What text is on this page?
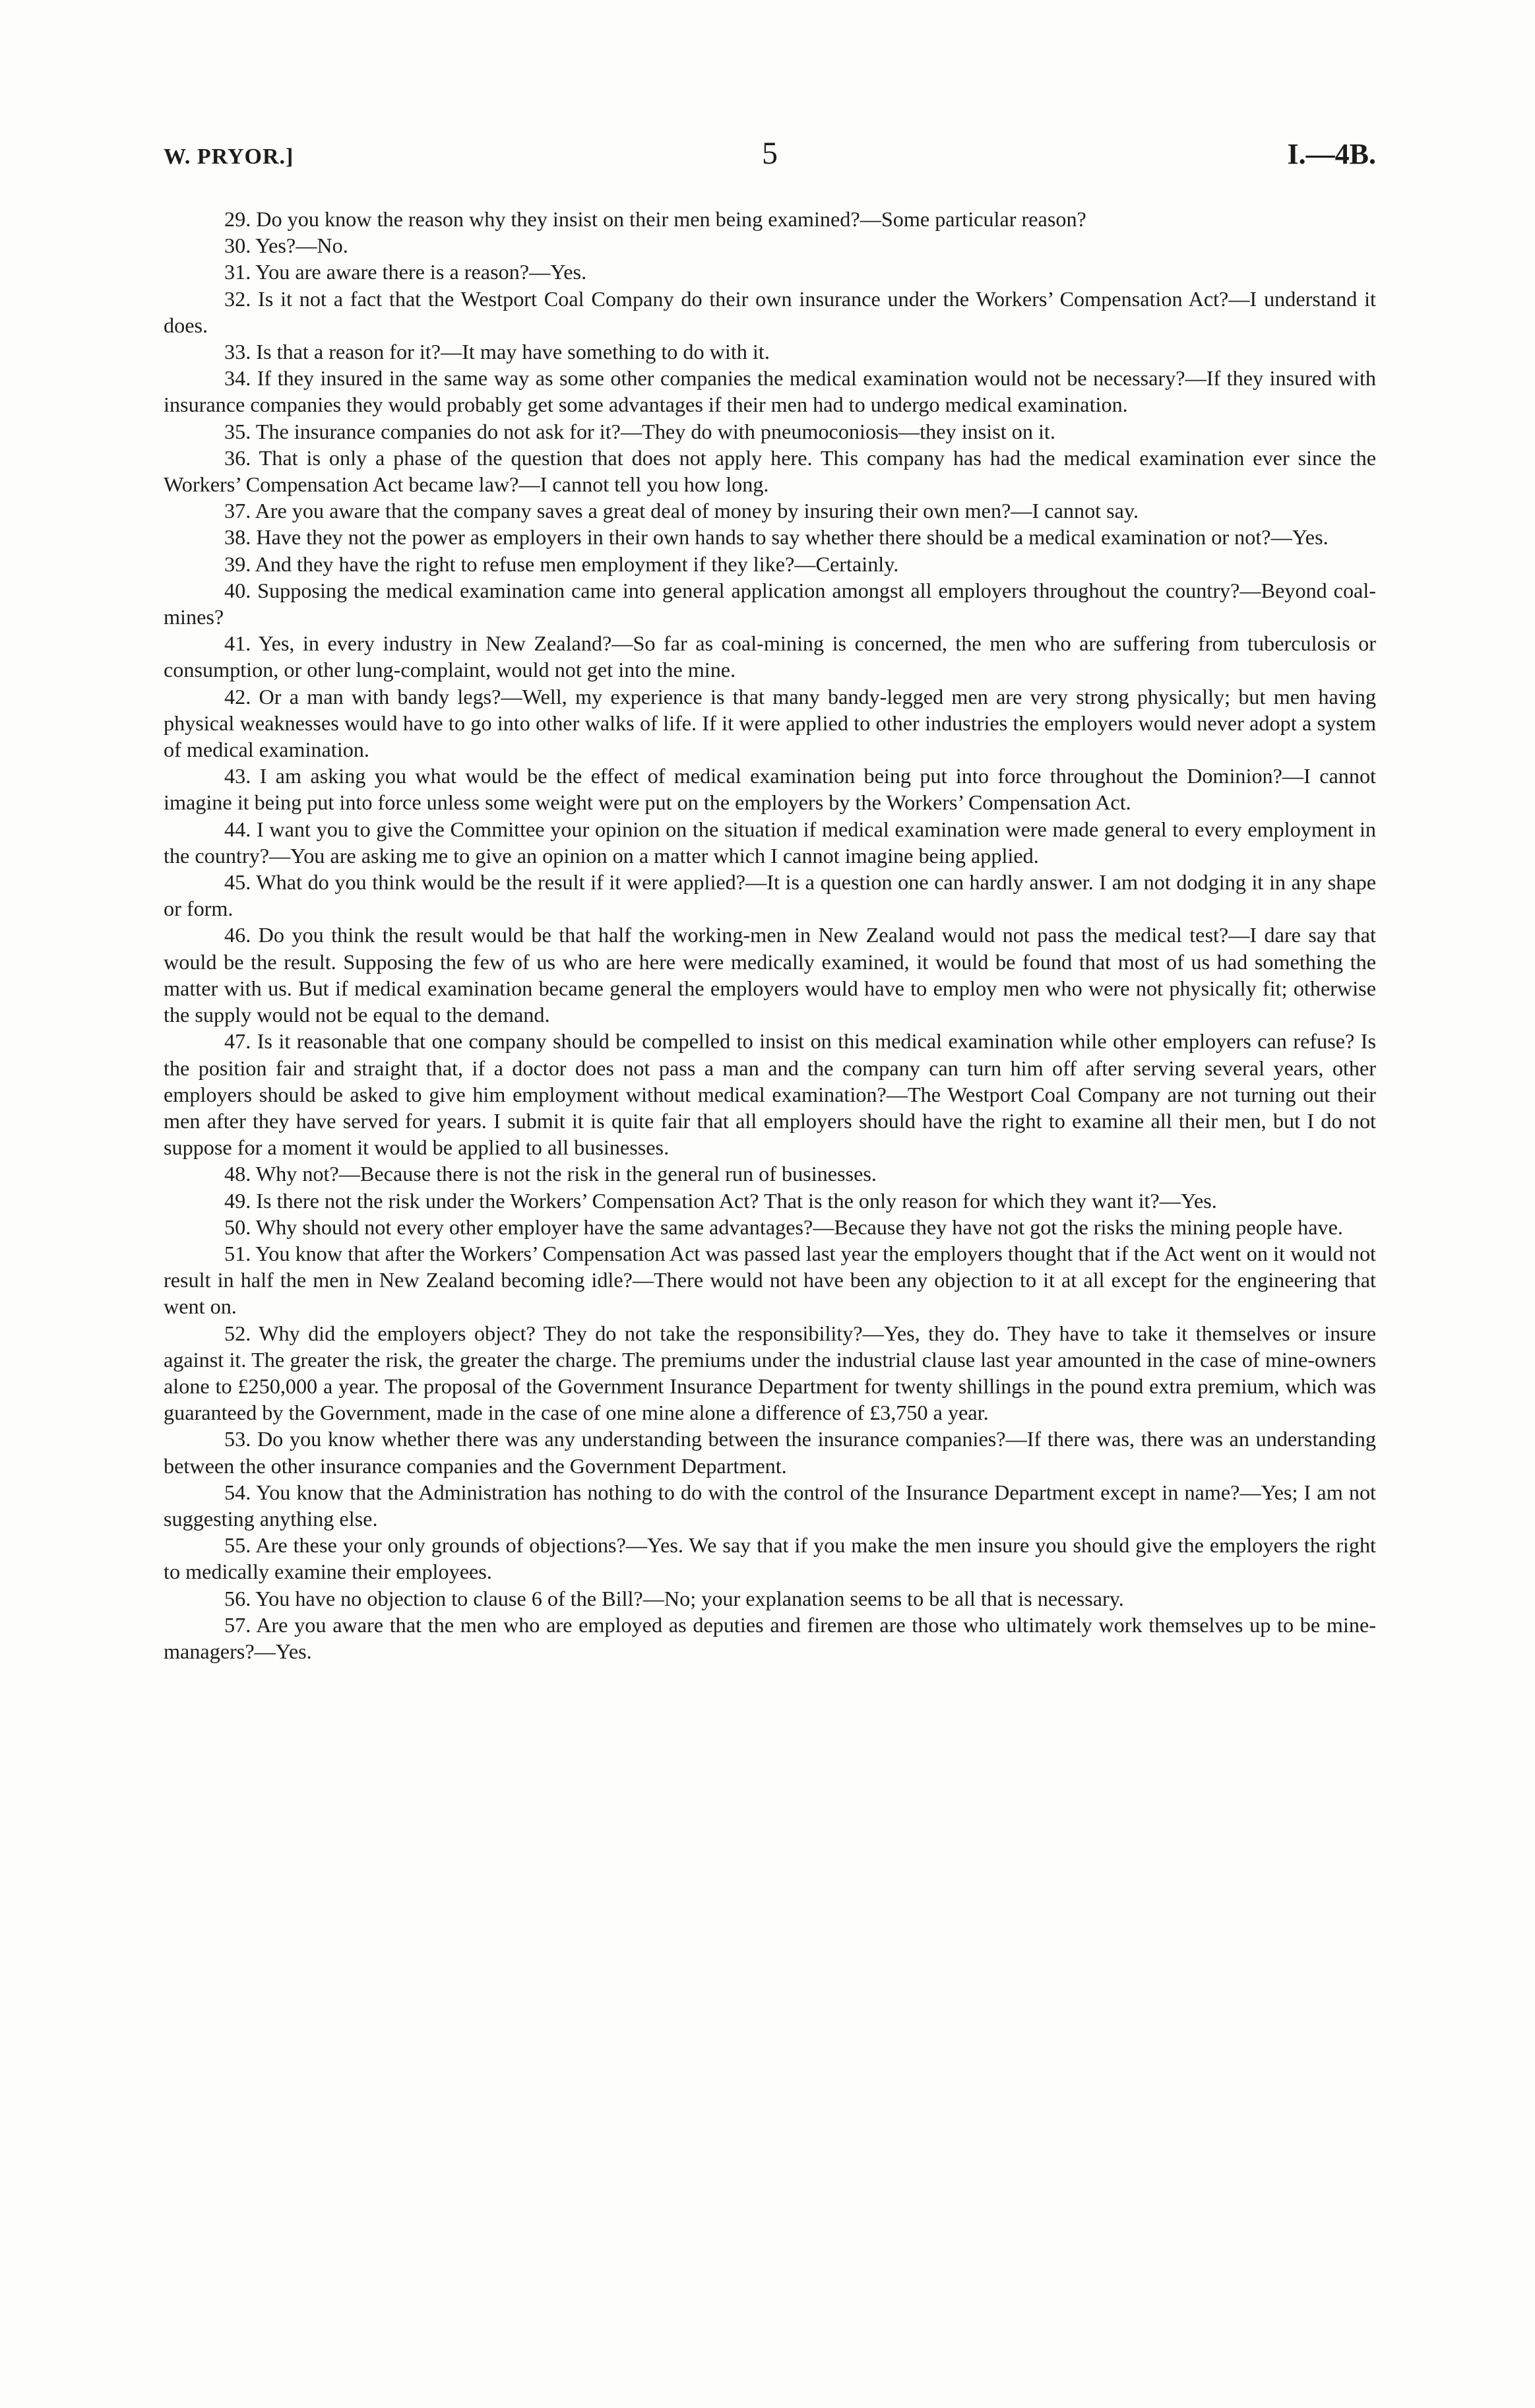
W. PRYOR.]	5	I.—4B.

29. Do you know the reason why they insist on their men being examined?—Some particular reason?

30. Yes?—No.

31. You are aware there is a reason?—Yes.

32. Is it not a fact that the Westport Coal Company do their own insurance under the Workers’ Compensation Act?—I understand it does.

33. Is that a reason for it?—It may have something to do with it.

34. If they insured in the same way as some other companies the medical examination would not be necessary?—If they insured with insurance companies they would probably get some advantages if their men had to undergo medical examination.

35. The insurance companies do not ask for it?—They do with pneumoconiosis—they insist on it.

36. That is only a phase of the question that does not apply here. This company has had the medical examination ever since the Workers’ Compensation Act became law?—I cannot tell you how long.

37. Are you aware that the company saves a great deal of money by insuring their own men?—I cannot say.

38. Have they not the power as employers in their own hands to say whether there should be a medical examination or not?—Yes.

39. And they have the right to refuse men employment if they like?—Certainly.

40. Supposing the medical examination came into general application amongst all employers throughout the country?—Beyond coal-mines?

41. Yes, in every industry in New Zealand?—So far as coal-mining is concerned, the men who are suffering from tuberculosis or consumption, or other lung-complaint, would not get into the mine.

42. Or a man with bandy legs?—Well, my experience is that many bandy-legged men are very strong physically; but men having physical weaknesses would have to go into other walks of life. If it were applied to other industries the employers would never adopt a system of medical examination.

43. I am asking you what would be the effect of medical examination being put into force throughout the Dominion?—I cannot imagine it being put into force unless some weight were put on the employers by the Workers’ Compensation Act.

44. I want you to give the Committee your opinion on the situation if medical examination were made general to every employment in the country?—You are asking me to give an opinion on a matter which I cannot imagine being applied.

45. What do you think would be the result if it were applied?—It is a question one can hardly answer. I am not dodging it in any shape or form.

46. Do you think the result would be that half the working-men in New Zealand would not pass the medical test?—I dare say that would be the result. Supposing the few of us who are here were medically examined, it would be found that most of us had something the matter with us. But if medical examination became general the employers would have to employ men who were not physically fit; otherwise the supply would not be equal to the demand.

47. Is it reasonable that one company should be compelled to insist on this medical examination while other employers can refuse? Is the position fair and straight that, if a doctor does not pass a man and the company can turn him off after serving several years, other employers should be asked to give him employment without medical examination?—The Westport Coal Company are not turning out their men after they have served for years. I submit it is quite fair that all employers should have the right to examine all their men, but I do not suppose for a moment it would be applied to all businesses.

48. Why not?—Because there is not the risk in the general run of businesses.

49. Is there not the risk under the Workers’ Compensation Act? That is the only reason for which they want it?—Yes.

50. Why should not every other employer have the same advantages?—Because they have not got the risks the mining people have.

51. You know that after the Workers’ Compensation Act was passed last year the employers thought that if the Act went on it would not result in half the men in New Zealand becoming idle?—There would not have been any objection to it at all except for the engineering that went on.

52. Why did the employers object? They do not take the responsibility?—Yes, they do. They have to take it themselves or insure against it. The greater the risk, the greater the charge. The premiums under the industrial clause last year amounted in the case of mine-owners alone to £250,000 a year. The proposal of the Government Insurance Department for twenty shillings in the pound extra premium, which was guaranteed by the Government, made in the case of one mine alone a difference of £3,750 a year.

53. Do you know whether there was any understanding between the insurance companies?—If there was, there was an understanding between the other insurance companies and the Government Department.

54. You know that the Administration has nothing to do with the control of the Insurance Department except in name?—Yes; I am not suggesting anything else.

55. Are these your only grounds of objections?—Yes. We say that if you make the men insure you should give the employers the right to medically examine their employees.

56. You have no objection to clause 6 of the Bill?—No; your explanation seems to be all that is necessary.

57. Are you aware that the men who are employed as deputies and firemen are those who ultimately work themselves up to be mine-managers?—Yes.
